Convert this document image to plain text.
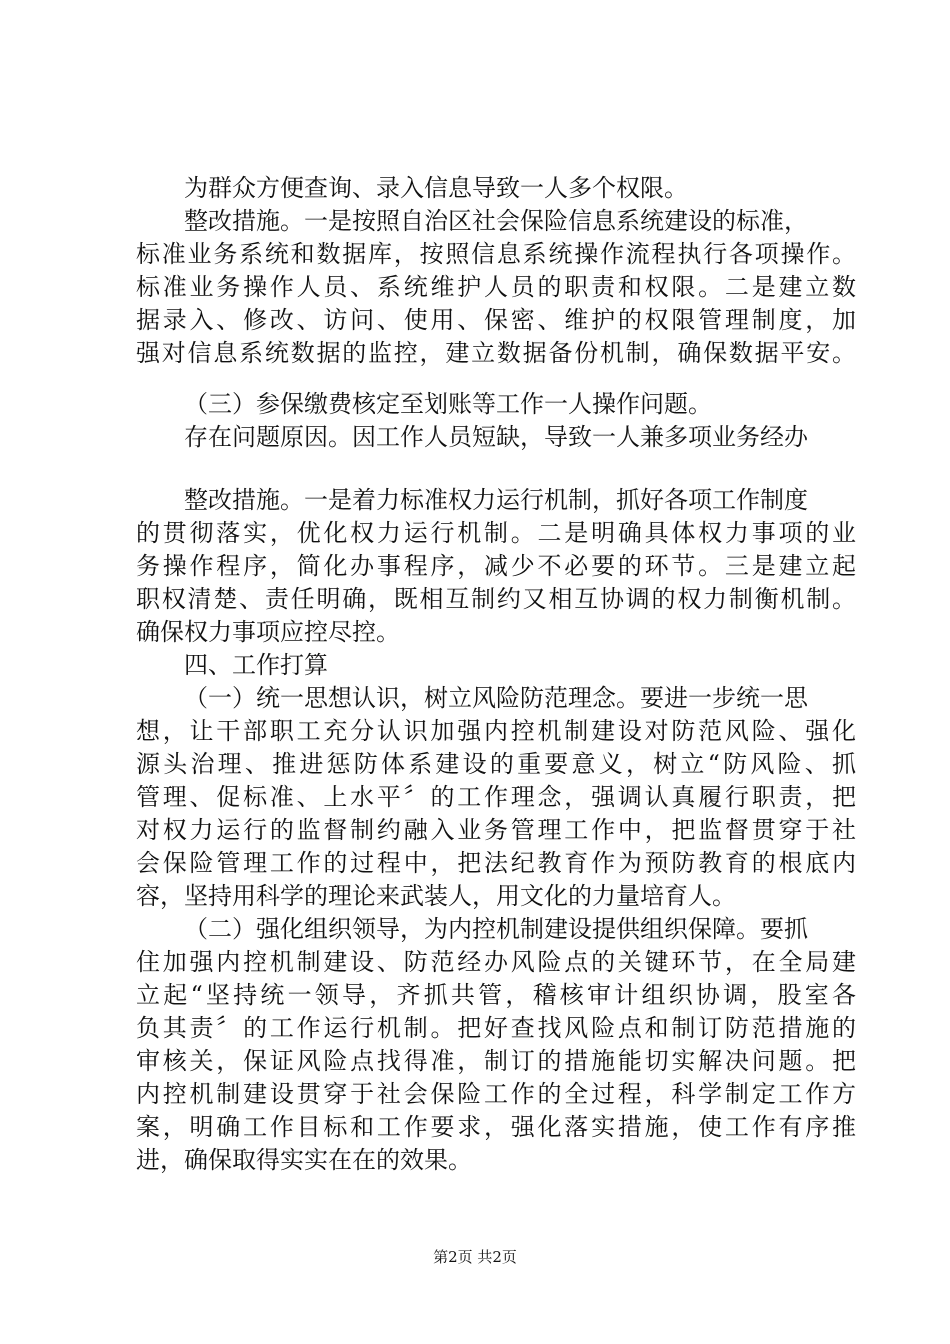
为群众方便查询、录入信息导致一人多个权限。
整改措施。一是按照自治区社会保险信息系统建设的标准，
标准业务系统和数据库，按照信息系统操作流程执行各项操作。
标准业务操作人员、系统维护人员的职责和权限。二是建立数
据录入、修改、访问、使用、保密、维护的权限管理制度，加
强对信息系统数据的监控，建立数据备份机制，确保数据平安。
（三）参保缴费核定至划账等工作一人操作问题。
存在问题原因。因工作人员短缺，导致一人兼多项业务经办
整改措施。一是着力标准权力运行机制，抓好各项工作制度
的贯彻落实，优化权力运行机制。二是明确具体权力事项的业
务操作程序，简化办事程序，减少不必要的环节。三是建立起
职权清楚、责任明确，既相互制约又相互协调的权力制衡机制。
确保权力事项应控尽控。
四、工作打算
（一）统一思想认识，树立风险防范理念。要进一步统一思
想，让干部职工充分认识加强内控机制建设对防范风险、强化
源头治理、推进惩防体系建设的重要意义，树立“防风险、抓
管理、促标准、上水平〞的工作理念，强调认真履行职责，把
对权力运行的监督制约融入业务管理工作中，把监督贯穿于社
会保险管理工作的过程中，把法纪教育作为预防教育的根底内
容，坚持用科学的理论来武装人，用文化的力量培育人。
（二）强化组织领导，为内控机制建设提供组织保障。要抓
住加强内控机制建设、防范经办风险点的关键环节，在全局建
立起“坚持统一领导，齐抓共管，稽核审计组织协调，股室各
负其责〞的工作运行机制。把好查找风险点和制订防范措施的
审核关，保证风险点找得准，制订的措施能切实解决问题。把
内控机制建设贯穿于社会保险工作的全过程，科学制定工作方
案，明确工作目标和工作要求，强化落实措施，使工作有序推
进，确保取得实实在在的效果。
第2页 共2页
